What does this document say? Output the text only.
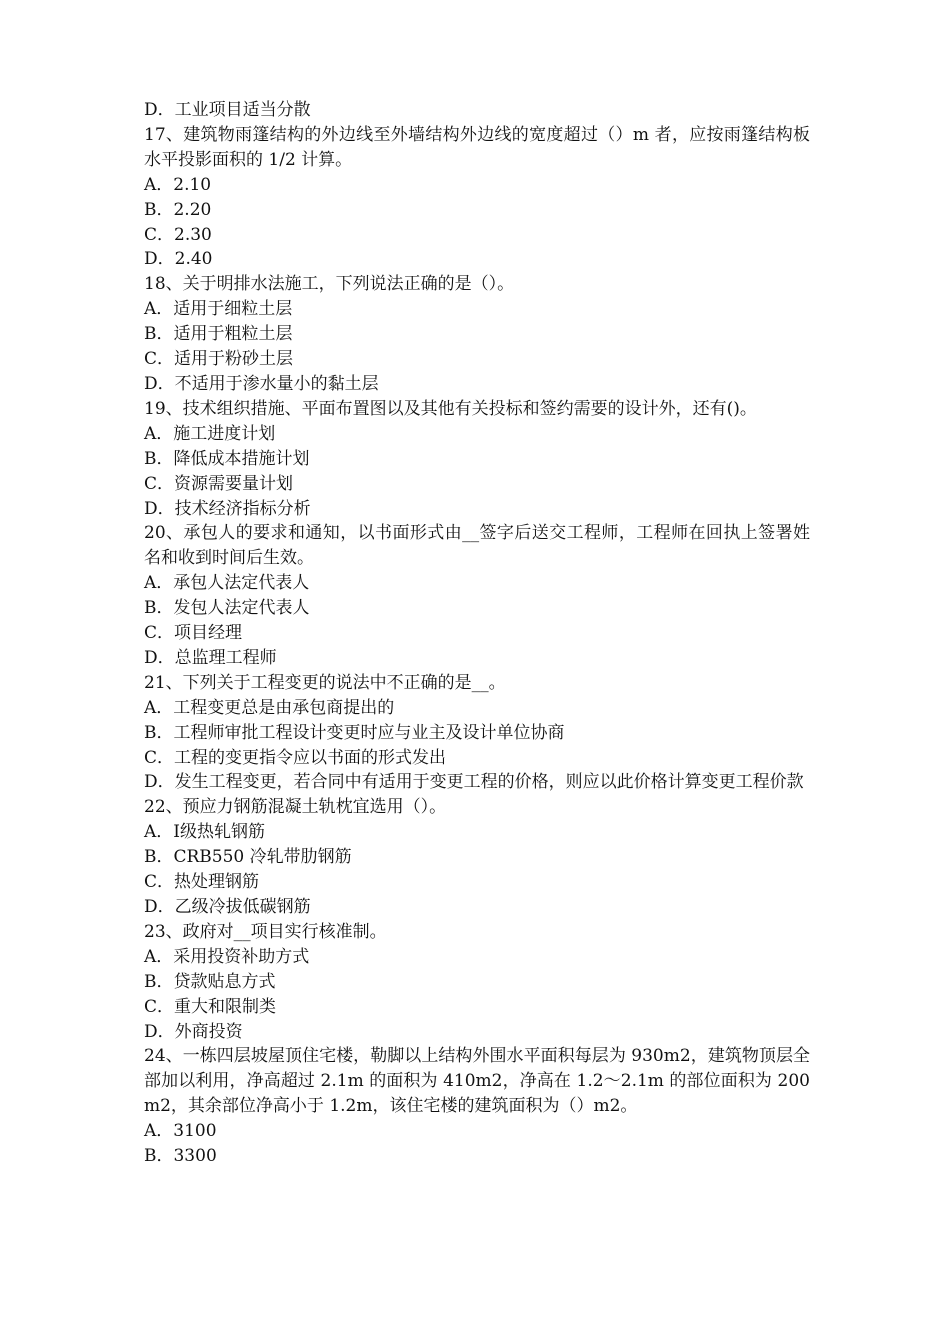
D．工业项目适当分散

17、建筑物雨篷结构的外边线至外墙结构外边线的宽度超过（）m 者，应按雨篷结构板水平投影面积的 1/2 计算。

A．2.10

B．2.20

C．2.30

D．2.40

18、关于明排水法施工，下列说法正确的是（）。

A．适用于细粒土层

B．适用于粗粒土层

C．适用于粉砂土层

D．不适用于渗水量小的黏土层

19、技术组织措施、平面布置图以及其他有关投标和签约需要的设计外，还有()。

A．施工进度计划

B．降低成本措施计划

C．资源需要量计划

D．技术经济指标分析

20、承包人的要求和通知，以书面形式由__签字后送交工程师，工程师在回执上签署姓名和收到时间后生效。

A．承包人法定代表人

B．发包人法定代表人

C．项目经理

D．总监理工程师

21、下列关于工程变更的说法中不正确的是__。

A．工程变更总是由承包商提出的

B．工程师审批工程设计变更时应与业主及设计单位协商

C．工程的变更指令应以书面的形式发出

D．发生工程变更，若合同中有适用于变更工程的价格，则应以此价格计算变更工程价款

22、预应力钢筋混凝土轨枕宜选用（）。

A．Ⅰ级热轧钢筋

B．CRB550 冷轧带肋钢筋

C．热处理钢筋

D．乙级冷拔低碳钢筋

23、政府对__项目实行核准制。

A．采用投资补助方式

B．贷款贴息方式

C．重大和限制类

D．外商投资

24、一栋四层坡屋顶住宅楼，勒脚以上结构外围水平面积每层为 930m2，建筑物顶层全部加以利用，净高超过 2.1m 的面积为 410m2，净高在 1.2～2.1m 的部位面积为 200m2，其余部位净高小于 1.2m，该住宅楼的建筑面积为（）m2。

A．3100

B．3300
